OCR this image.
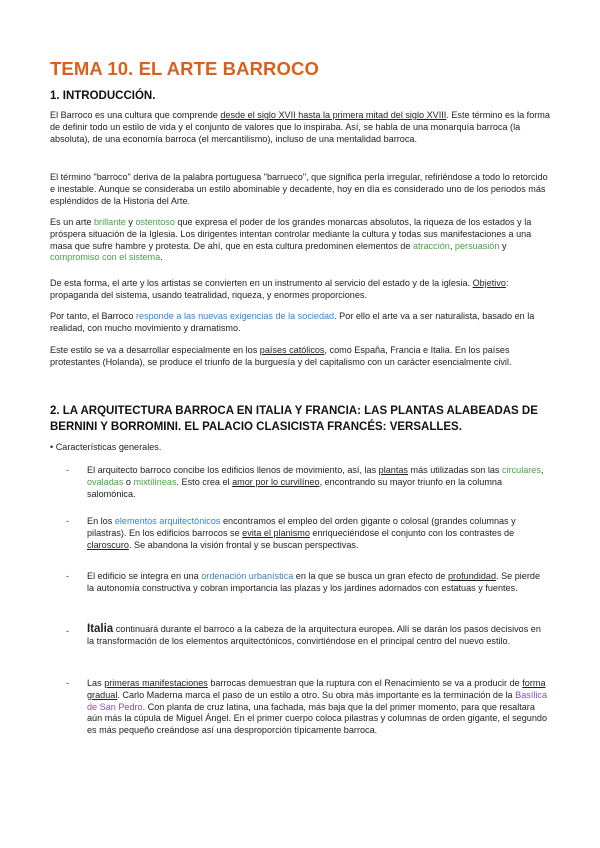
TEMA 10. EL ARTE BARROCO
1. INTRODUCCIÓN.

El Barroco es una cultura que comprende desde el siglo XVII hasta la primera mitad del siglo XVIII. Este término es la forma de definir todo un estilo de vida y el conjunto de valores que lo inspiraba. Así, se habla de una monarquía barroca (la absoluta), de una economía barroca (el mercantilismo), incluso de una mentalidad barroca.

El término "barroco" deriva de la palabra portuguesa "barrueco", que significa perla irregular, refiriéndose a todo lo retorcido e inestable. Aunque se consideraba un estilo abominable y decadente, hoy en día es considerado uno de los periodos más espléndidos de la Historia del Arte.

Es un arte brillante y ostentoso que expresa el poder de los grandes monarcas absolutos, la riqueza de los estados y la próspera situación de la Iglesia. Los dirigentes intentan controlar mediante la cultura y todas sus manifestaciones a una masa que sufre hambre y protesta. De ahí, que en esta cultura predominen elementos de atracción, persuasión y compromiso con el sistema.

De esta forma, el arte y los artistas se convierten en un instrumento al servicio del estado y de la iglesia. Objetivo: propaganda del sistema, usando teatralidad, riqueza, y enormes proporciones.

Por tanto, el Barroco responde a las nuevas exigencias de la sociedad. Por ello el arte va a ser naturalista, basado en la realidad, con mucho movimiento y dramatismo.

Este estilo se va a desarrollar especialmente en los países católicos, como España, Francia e Italia. En los países protestantes (Holanda), se produce el triunfo de la burguesía y del capitalismo con un carácter esencialmente civil.

2. LA ARQUITECTURA BARROCA EN ITALIA Y FRANCIA: LAS PLANTAS ALABEADAS DE
BERNINI Y BORROMINI. EL PALACIO CLASICISTA FRANCÉS: VERSALLES.

• Características generales.

- El arquitecto barroco concibe los edificios llenos de movimiento, así, las plantas más utilizadas son las circulares, ovaladas o mixtilíneas. Esto crea el amor por lo curvilíneo, encontrando su mayor triunfo en la columna salomónica.

- En los elementos arquitectónicos encontramos el empleo del orden gigante o colosal (grandes columnas y pilastras). En los edificios barrocos se evita el planismo enriqueciéndose el conjunto con los contrastes de claroscuro. Se abandona la visión frontal y se buscan perspectivas.

- El edificio se integra en una ordenación urbanística en la que se busca un gran efecto de profundidad. Se pierde la autonomía constructiva y cobran importancia las plazas y los jardines adornados con estatuas y fuentes.

- Italia continuará durante el barroco a la cabeza de la arquitectura europea. Allí se darán los pasos decisivos en la transformación de los elementos arquitectónicos, convirtiéndose en el principal centro del nuevo estilo.

- Las primeras manifestaciones barrocas demuestran que la ruptura con el Renacimiento se va a producir de forma gradual. Carlo Maderna marca el paso de un estilo a otro. Su obra más importante es la terminación de la Basílica de San Pedro. Con planta de cruz latina, una fachada, más baja que la del primer momento, para que resaltara aún más la cúpula de Miguel Ángel. En el primer cuerpo coloca pilastras y columnas de orden gigante, el segundo es más pequeño creándose así una desproporción típicamente barroca.
